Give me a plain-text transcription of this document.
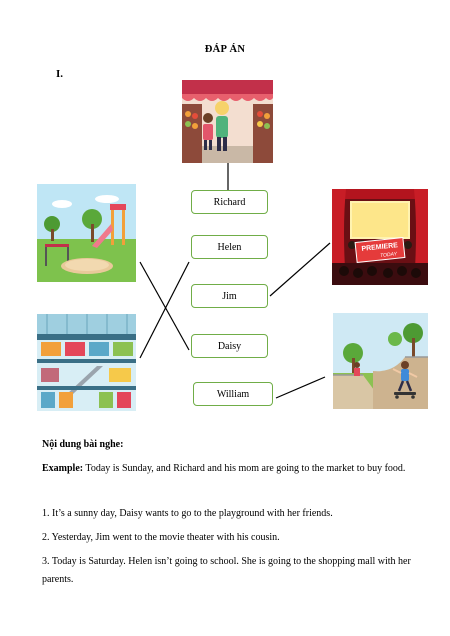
ĐÁP ÁN
I.
PREMIERE
TODAY
Richard
Helen
Jim
Daisy
William
Nội dung bài nghe:
Example: Today is Sunday, and Richard and his mom are going to the market to buy food.
1. It’s a sunny day, Daisy wants to go to the playground with her friends.
2. Yesterday, Jim went to the movie theater with his cousin.
3. Today is Saturday. Helen isn’t going to school. She is going to the shopping mall with her parents.
